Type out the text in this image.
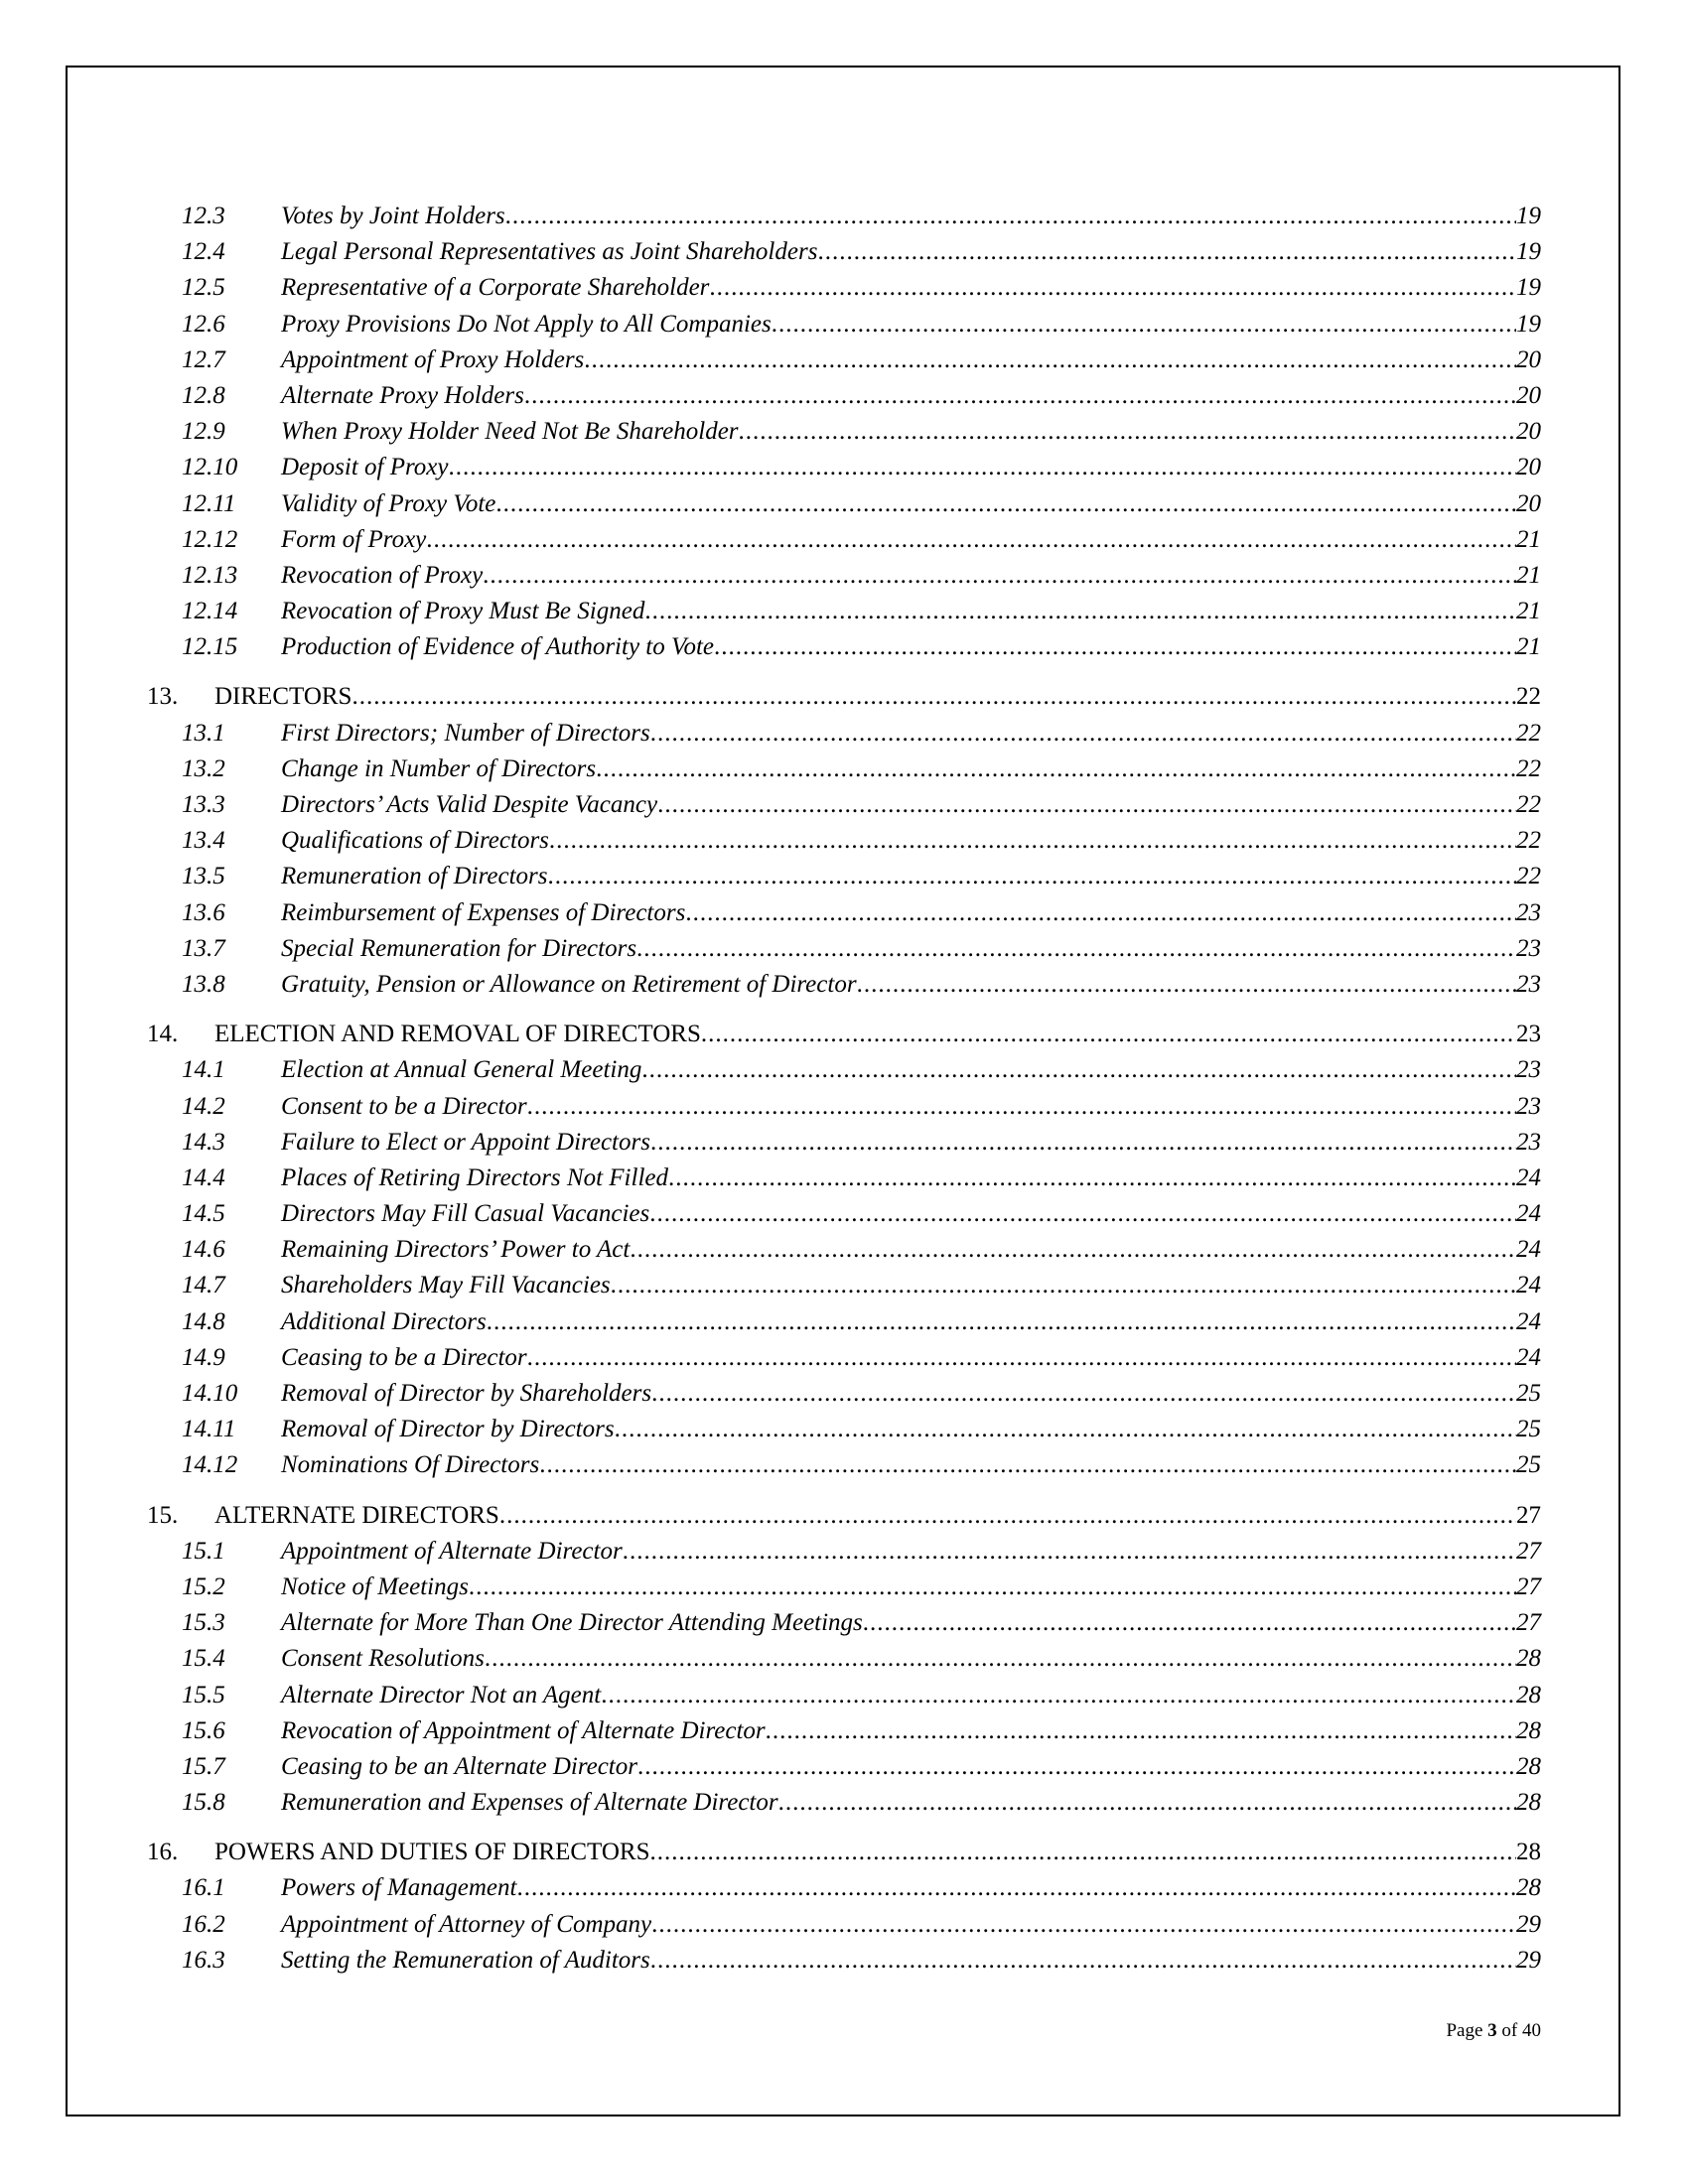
12.3 Votes by Joint Holders .....	19
12.4 Legal Personal Representatives as Joint Shareholders .....	19
12.5 Representative of a Corporate Shareholder .....	19
12.6 Proxy Provisions Do Not Apply to All Companies .....	19
12.7 Appointment of Proxy Holders .....	20
12.8 Alternate Proxy Holders .....	20
12.9 When Proxy Holder Need Not Be Shareholder .....	20
12.10 Deposit of Proxy .....	20
12.11 Validity of Proxy Vote .....	20
12.12 Form of Proxy .....	21
12.13 Revocation of Proxy .....	21
12.14 Revocation of Proxy Must Be Signed .....	21
12.15 Production of Evidence of Authority to Vote .....	21
13. DIRECTORS .....	22
13.1 First Directors; Number of Directors .....	22
13.2 Change in Number of Directors .....	22
13.3 Directors’ Acts Valid Despite Vacancy .....	22
13.4 Qualifications of Directors .....	22
13.5 Remuneration of Directors .....	22
13.6 Reimbursement of Expenses of Directors .....	23
13.7 Special Remuneration for Directors .....	23
13.8 Gratuity, Pension or Allowance on Retirement of Director .....	23
14. ELECTION AND REMOVAL OF DIRECTORS .....	23
14.1 Election at Annual General Meeting .....	23
14.2 Consent to be a Director .....	23
14.3 Failure to Elect or Appoint Directors .....	23
14.4 Places of Retiring Directors Not Filled .....	24
14.5 Directors May Fill Casual Vacancies .....	24
14.6 Remaining Directors’ Power to Act .....	24
14.7 Shareholders May Fill Vacancies .....	24
14.8 Additional Directors .....	24
14.9 Ceasing to be a Director .....	24
14.10 Removal of Director by Shareholders .....	25
14.11 Removal of Director by Directors .....	25
14.12 Nominations Of Directors .....	25
15. ALTERNATE DIRECTORS .....	27
15.1 Appointment of Alternate Director .....	27
15.2 Notice of Meetings .....	27
15.3 Alternate for More Than One Director Attending Meetings .....	27
15.4 Consent Resolutions .....	28
15.5 Alternate Director Not an Agent .....	28
15.6 Revocation of Appointment of Alternate Director .....	28
15.7 Ceasing to be an Alternate Director .....	28
15.8 Remuneration and Expenses of Alternate Director .....	28
16. POWERS AND DUTIES OF DIRECTORS .....	28
16.1 Powers of Management .....	28
16.2 Appointment of Attorney of Company .....	29
16.3 Setting the Remuneration of Auditors .....	29
Page 3 of 40
